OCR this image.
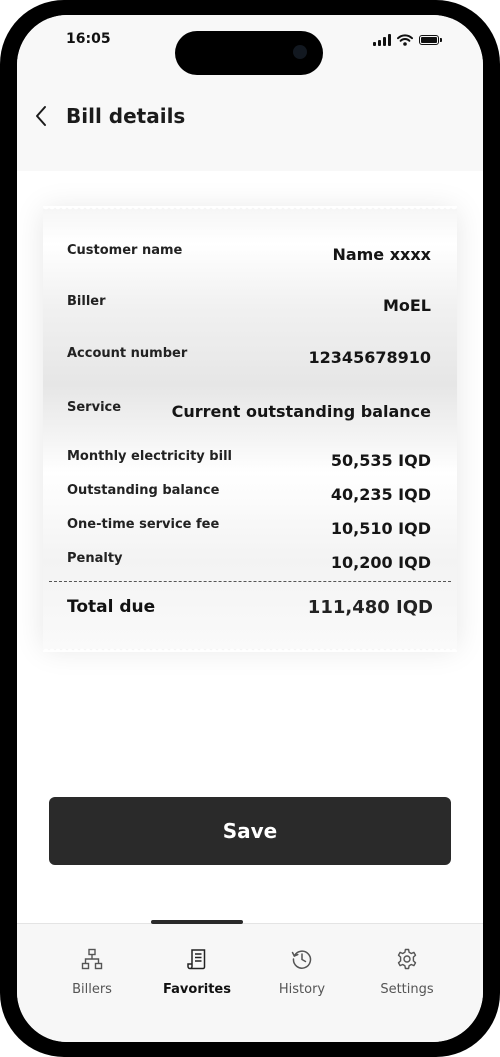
16:05
Bill details
Customer name	Name xxxx
Biller	MoEL
Account number	12345678910
Service	Current outstanding balance
Monthly electricity bill	50,535 IQD
Outstanding balance	40,235 IQD
One-time service fee	10,510 IQD
Penalty	10,200 IQD
Total due	111,480 IQD
Save
Billers	Favorites	History	Settings
